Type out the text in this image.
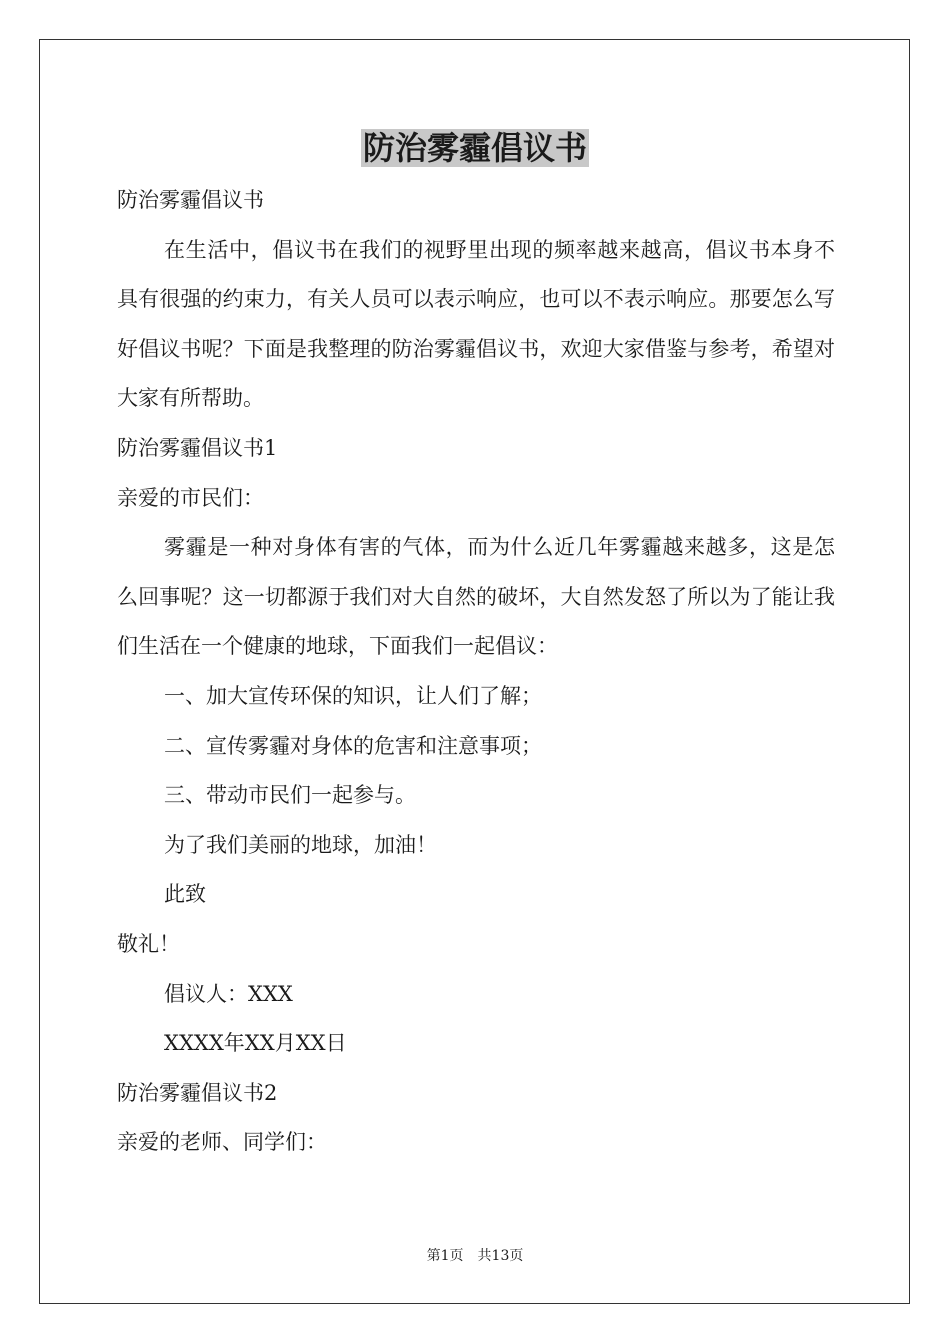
防治雾霾倡议书

防治雾霾倡议书

在生活中，倡议书在我们的视野里出现的频率越来越高，倡议书本身不具有很强的约束力，有关人员可以表示响应，也可以不表示响应。那要怎么写好倡议书呢？下面是我整理的防治雾霾倡议书，欢迎大家借鉴与参考，希望对大家有所帮助。

防治雾霾倡议书1

亲爱的市民们：

雾霾是一种对身体有害的气体，而为什么近几年雾霾越来越多，这是怎么回事呢？这一切都源于我们对大自然的破坏，大自然发怒了所以为了能让我们生活在一个健康的地球，下面我们一起倡议：

一、加大宣传环保的知识，让人们了解；

二、宣传雾霾对身体的危害和注意事项；

三、带动市民们一起参与。

为了我们美丽的地球，加油！

此致

敬礼！

倡议人：XXX

XXXX年XX月XX日

防治雾霾倡议书2

亲爱的老师、同学们：

第1页　共13页
